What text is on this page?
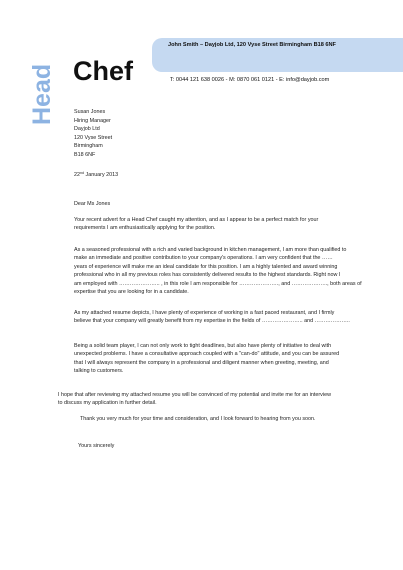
John Smith – Dayjob Ltd, 120 Vyse Street Birmingham B18 6NF
Head Chef	T: 0044 121 638 0026 - M: 0870 061 0121 - E: info@dayjob.com
Susan Jones
Hiring Manager
Dayjob Ltd
120 Vyse Street
Birmingham
B18 6NF
22nd January 2013
Dear Ms Jones
Your recent advert for a Head Chef caught my attention, and as I appear to be a perfect match for your
requirements I am enthusiastically applying for the position.
As a seasoned professional with a rich and varied background in kitchen management, I am more than qualified to
make an immediate and positive contribution to your company's operations. I am very confident that the ……
years of experience will make me an ideal candidate for this position. I am a highly talented and award winning
professional who in all my previous roles has consistently delivered results to the highest standards. Right now I
am employed with ………………….. , in this role I am responsible for …………………., and ……………….., both areas of
expertise that you are looking for in a candidate.
As my attached resume depicts, I have plenty of experience of working in a fast paced restaurant, and I firmly
believe that your company will greatly benefit from my expertise in the fields of ………………….. and ………………..
Being a solid team player, I can not only work to tight deadlines, but also have plenty of initiative to deal with
unexpected problems. I have a consultative approach coupled with a "can-do" attitude, and you can be assured
that I will always represent the company in a professional and diligent manner when greeting, meeting, and
talking to customers.
I hope that after reviewing my attached resume you will be convinced of my potential and invite me for an interview
to discuss my application in further detail.
Thank you very much for your time and consideration, and I look forward to hearing from you soon.
Yours sincerely
